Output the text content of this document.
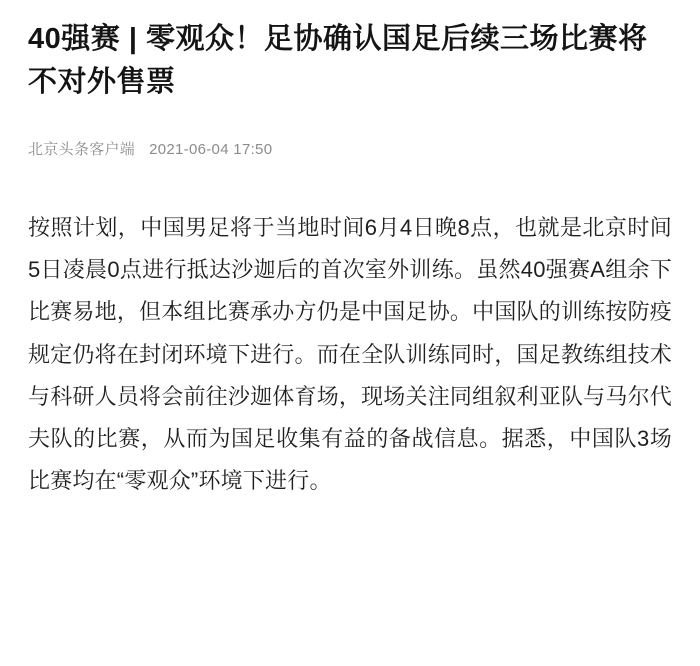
40强赛 | 零观众！足协确认国足后续三场比赛将不对外售票
北京头条客户端 2021-06-04 17:50

按照计划，中国男足将于当地时间6月4日晚8点，也就是北京时间5日凌晨0点进行抵达沙迦后的首次室外训练。虽然40强赛A组余下比赛易地，但本组比赛承办方仍是中国足协。中国队的训练按防疫规定仍将在封闭环境下进行。而在全队训练同时，国足教练组技术与科研人员将会前往沙迦体育场，现场关注同组叙利亚队与马尔代夫队的比赛，从而为国足收集有益的备战信息。据悉，中国队3场比赛均在“零观众”环境下进行。
